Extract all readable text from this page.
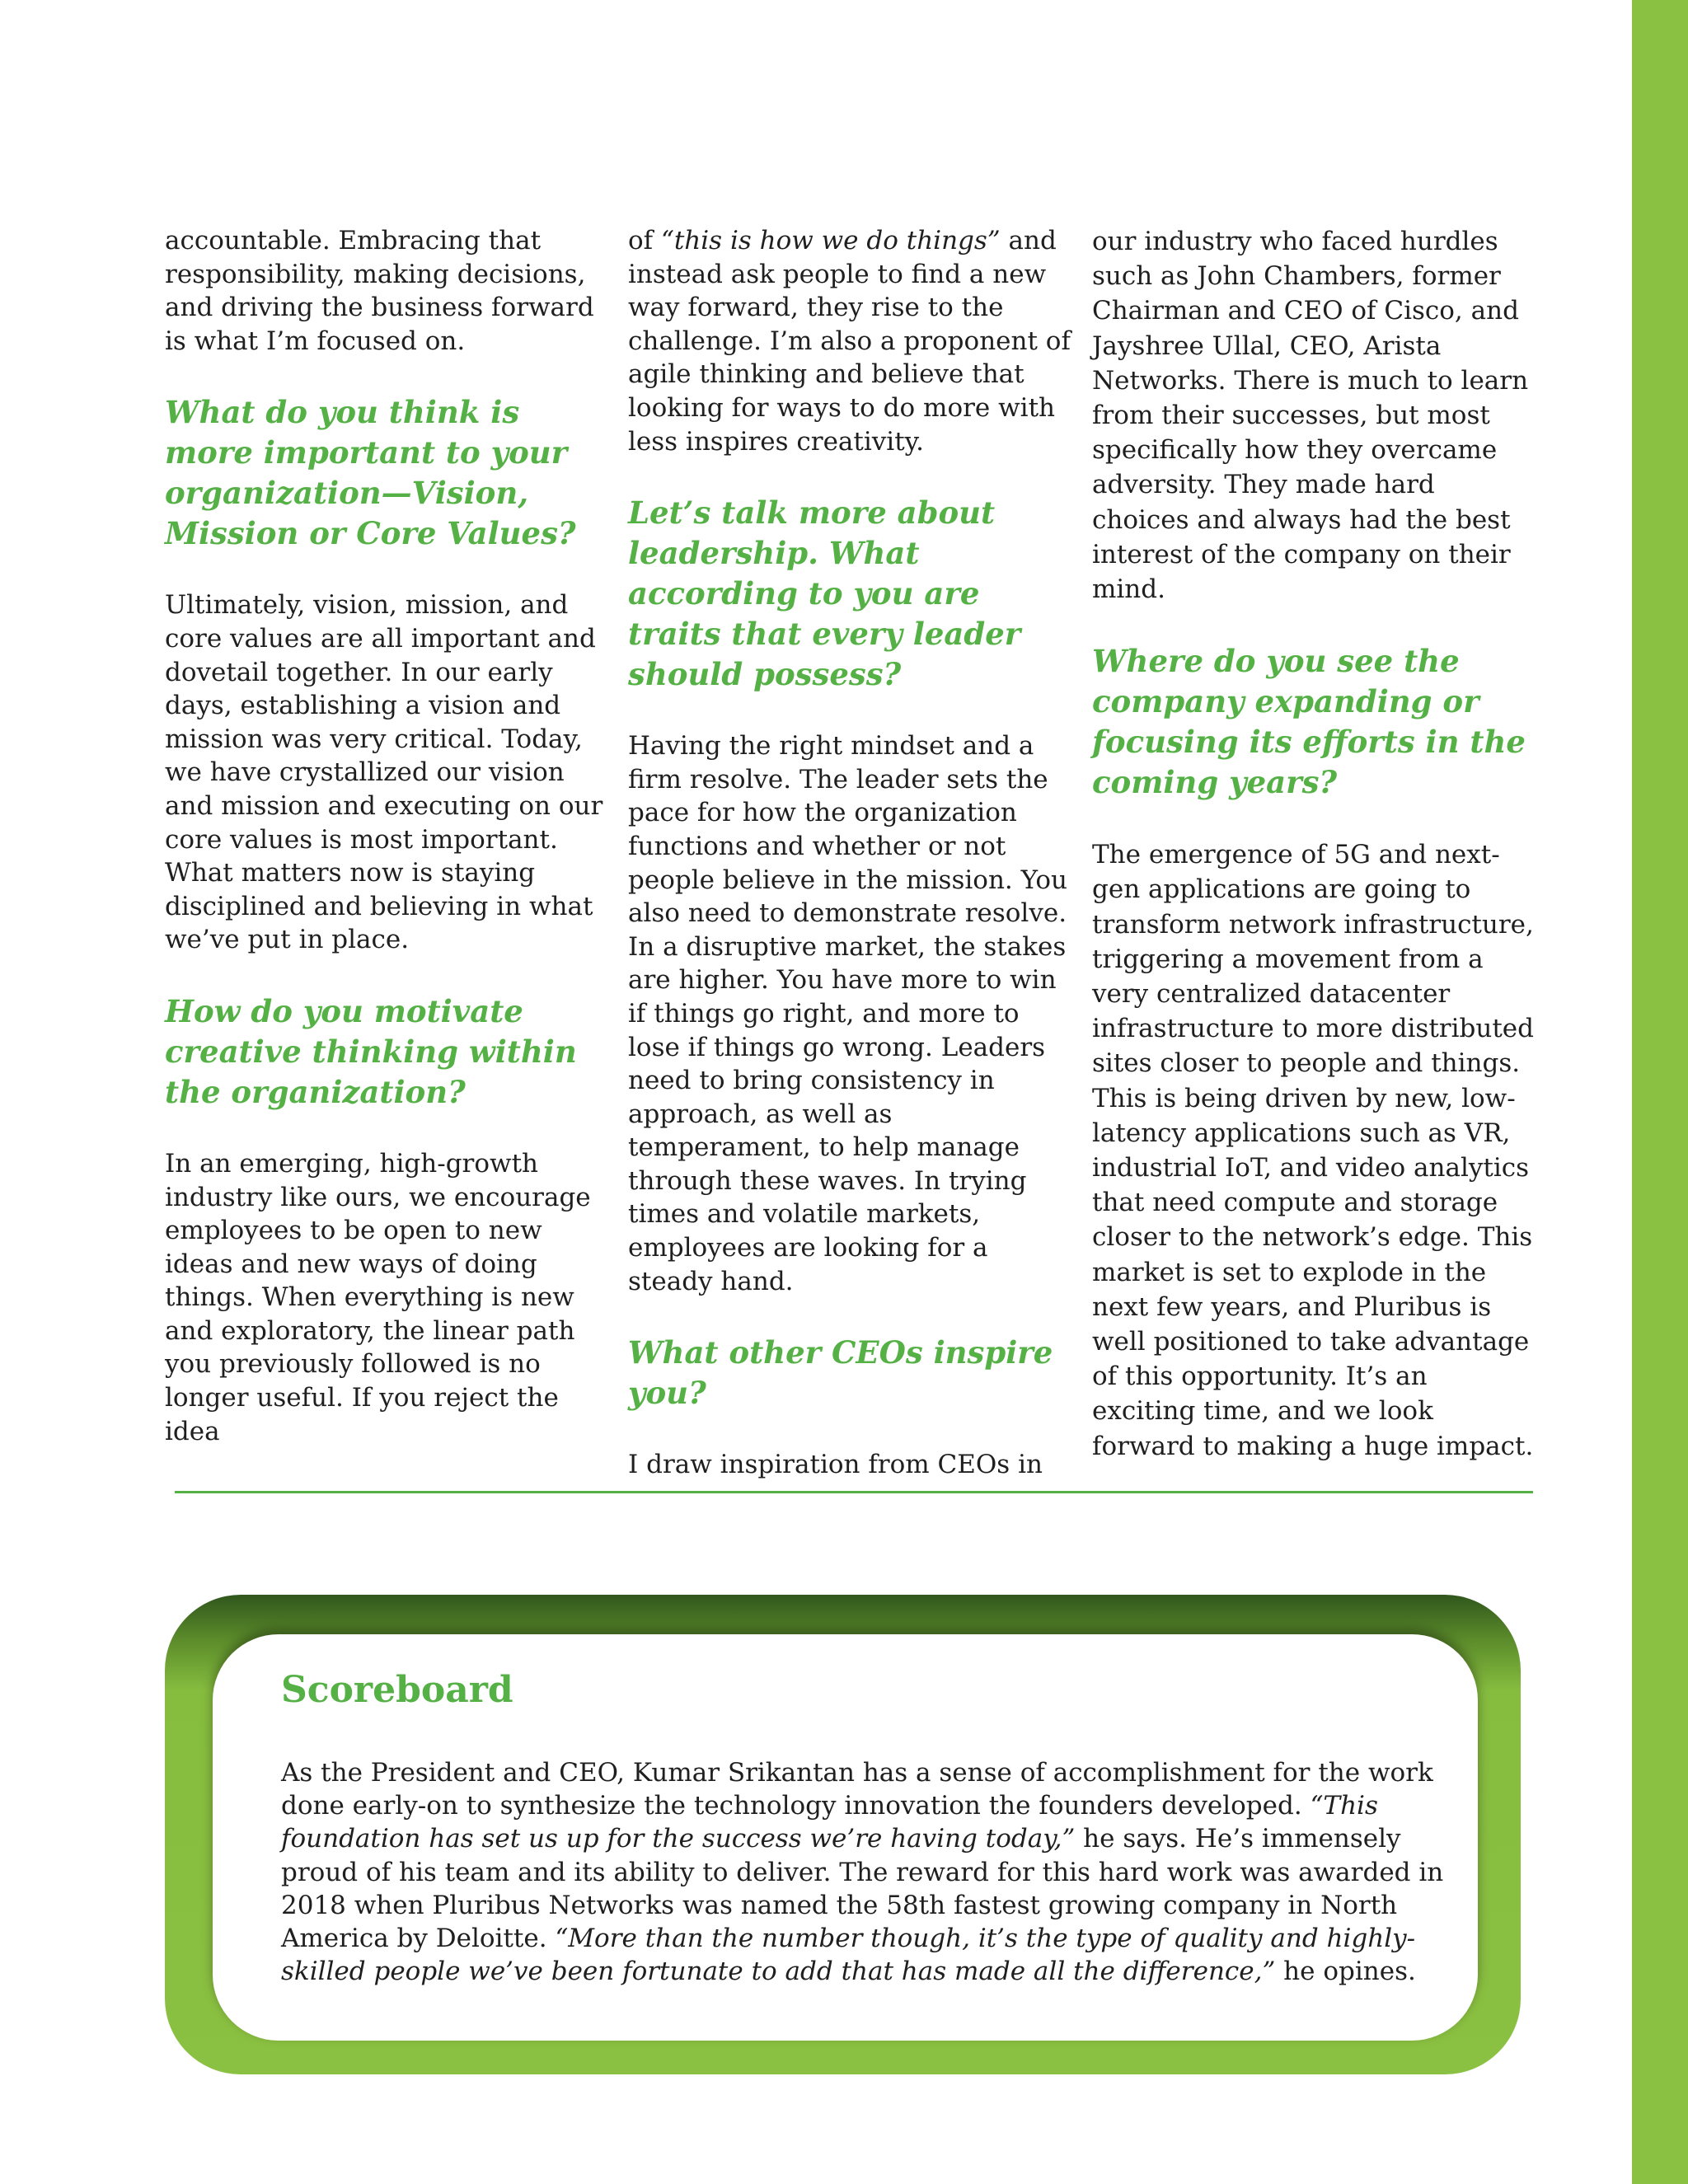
accountable. Embracing that responsibility, making decisions, and driving the business forward is what I’m focused on.

What do you think is more important to your organization—Vision, Mission or Core Values?

Ultimately, vision, mission, and core values are all important and dovetail together. In our early days, establishing a vision and mission was very critical. Today, we have crystallized our vision and mission and executing on our core values is most important. What matters now is staying disciplined and believing in what we’ve put in place.

How do you motivate creative thinking within the organization?

In an emerging, high-growth industry like ours, we encourage employees to be open to new ideas and new ways of doing things. When everything is new and exploratory, the linear path you previously followed is no longer useful. If you reject the idea

of “this is how we do things” and instead ask people to find a new way forward, they rise to the challenge. I’m also a proponent of agile thinking and believe that looking for ways to do more with less inspires creativity.

Let’s talk more about leadership. What according to you are traits that every leader should possess?

Having the right mindset and a firm resolve. The leader sets the pace for how the organization functions and whether or not people believe in the mission. You also need to demonstrate resolve. In a disruptive market, the stakes are higher. You have more to win if things go right, and more to lose if things go wrong. Leaders need to bring consistency in approach, as well as temperament, to help manage through these waves. In trying times and volatile markets, employees are looking for a steady hand.

What other CEOs inspire you?

I draw inspiration from CEOs in

our industry who faced hurdles such as John Chambers, former Chairman and CEO of Cisco, and Jayshree Ullal, CEO, Arista Networks. There is much to learn from their successes, but most specifically how they overcame adversity. They made hard choices and always had the best interest of the company on their mind.

Where do you see the company expanding or focusing its efforts in the coming years?

The emergence of 5G and next-gen applications are going to transform network infrastructure, triggering a movement from a very centralized datacenter infrastructure to more distributed sites closer to people and things. This is being driven by new, low-latency applications such as VR, industrial IoT, and video analytics that need compute and storage closer to the network’s edge. This market is set to explode in the next few years, and Pluribus is well positioned to take advantage of this opportunity. It’s an exciting time, and we look forward to making a huge impact.

Scoreboard

As the President and CEO, Kumar Srikantan has a sense of accomplishment for the work done early-on to synthesize the technology innovation the founders developed. “This foundation has set us up for the success we’re having today,” he says. He’s immensely proud of his team and its ability to deliver. The reward for this hard work was awarded in 2018 when Pluribus Networks was named the 58th fastest growing company in North America by Deloitte. “More than the number though, it’s the type of quality and highly-skilled people we’ve been fortunate to add that has made all the difference,” he opines.
